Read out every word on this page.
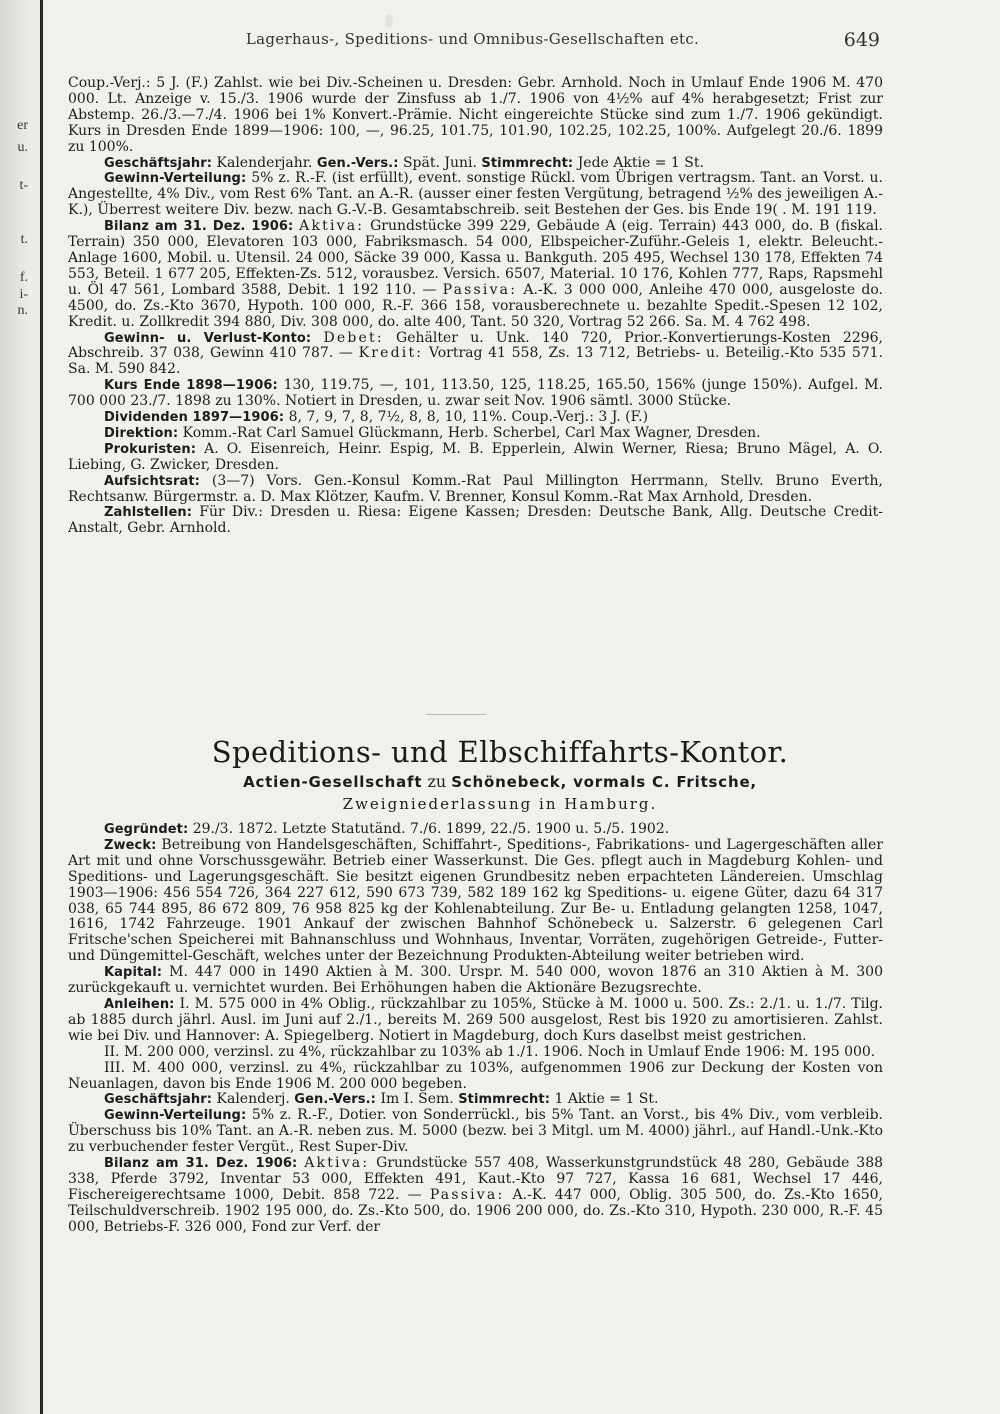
er
u.
t-
t.
f.
i-
n.
Lagerhaus-, Speditions- und Omnibus-Gesellschaften etc.	649

Coup.-Verj.: 5 J. (F.) Zahlst. wie bei Div.-Scheinen u. Dresden: Gebr. Arnhold. Noch in Umlauf Ende 1906 M. 470 000. Lt. Anzeige v. 15./3. 1906 wurde der Zinsfuss ab 1./7. 1906 von 4½% auf 4% herabgesetzt; Frist zur Abstemp. 26./3.—7./4. 1906 bei 1% Konvert.-Prämie. Nicht eingereichte Stücke sind zum 1./7. 1906 gekündigt. Kurs in Dresden Ende 1899—1906: 100, —, 96.25, 101.75, 101.90, 102.25, 102.25, 100%. Aufgelegt 20./6. 1899 zu 100%.

Geschäftsjahr: Kalenderjahr. Gen.-Vers.: Spät. Juni. Stimmrecht: Jede Aktie = 1 St.

Gewinn-Verteilung: 5% z. R.-F. (ist erfüllt), event. sonstige Rückl. vom Übrigen vertragsm. Tant. an Vorst. u. Angestellte, 4% Div., vom Rest 6% Tant. an A.-R. (ausser einer festen Vergütung, betragend ½% des jeweiligen A.-K.), Überrest weitere Div. bezw. nach G.-V.-B. Gesamtabschreib. seit Bestehen der Ges. bis Ende 19( . M. 191 119.

Bilanz am 31. Dez. 1906: Aktiva: Grundstücke 399 229, Gebäude A (eig. Terrain) 443 000, do. B (fiskal. Terrain) 350 000, Elevatoren 103 000, Fabriksmasch. 54 000, Elbspeicher-Zuführ.-Geleis 1, elektr. Beleucht.-Anlage 1600, Mobil. u. Utensil. 24 000, Säcke 39 000, Kassa u. Bankguth. 205 495, Wechsel 130 178, Effekten 74 553, Beteil. 1 677 205, Effekten-Zs. 512, vorausbez. Versich. 6507, Material. 10 176, Kohlen 777, Raps, Rapsmehl u. Öl 47 561, Lombard 3588, Debit. 1 192 110. — Passiva: A.-K. 3 000 000, Anleihe 470 000, ausgeloste do. 4500, do. Zs.-Kto 3670, Hypoth. 100 000, R.-F. 366 158, vorausberechnete u. bezahlte Spedit.-Spesen 12 102, Kredit. u. Zollkredit 394 880, Div. 308 000, do. alte 400, Tant. 50 320, Vortrag 52 266. Sa. M. 4 762 498.

Gewinn- u. Verlust-Konto: Debet: Gehälter u. Unk. 140 720, Prior.-Konvertierungs-Kosten 2296, Abschreib. 37 038, Gewinn 410 787. — Kredit: Vortrag 41 558, Zs. 13 712, Betriebs- u. Beteilig.-Kto 535 571. Sa. M. 590 842.

Kurs Ende 1898—1906: 130, 119.75, —, 101, 113.50, 125, 118.25, 165.50, 156% (junge 150%). Aufgel. M. 700 000 23./7. 1898 zu 130%. Notiert in Dresden, u. zwar seit Nov. 1906 sämtl. 3000 Stücke.

Dividenden 1897—1906: 8, 7, 9, 7, 8, 7½, 8, 8, 10, 11%. Coup.-Verj.: 3 J. (F.)

Direktion: Komm.-Rat Carl Samuel Glückmann, Herb. Scherbel, Carl Max Wagner, Dresden.

Prokuristen: A. O. Eisenreich, Heinr. Espig, M. B. Epperlein, Alwin Werner, Riesa; Bruno Mägel, A. O. Liebing, G. Zwicker, Dresden.

Aufsichtsrat: (3—7) Vors. Gen.-Konsul Komm.-Rat Paul Millington Herrmann, Stellv. Bruno Everth, Rechtsanw. Bürgermstr. a. D. Max Klötzer, Kaufm. V. Brenner, Konsul Komm.-Rat Max Arnhold, Dresden.

Zahlstellen: Für Div.: Dresden u. Riesa: Eigene Kassen; Dresden: Deutsche Bank, Allg. Deutsche Credit-Anstalt, Gebr. Arnhold.

Speditions- und Elbschiffahrts-Kontor.
Actien-Gesellschaft zu Schönebeck, vormals C. Fritsche,
Zweigniederlassung in Hamburg.

Gegründet: 29./3. 1872. Letzte Statutänd. 7./6. 1899, 22./5. 1900 u. 5./5. 1902.

Zweck: Betreibung von Handelsgeschäften, Schiffahrt-, Speditions-, Fabrikations- und Lagergeschäften aller Art mit und ohne Vorschussgewähr. Betrieb einer Wasserkunst. Die Ges. pflegt auch in Magdeburg Kohlen- und Speditions- und Lagerungsgeschäft. Sie besitzt eigenen Grundbesitz neben erpachteten Ländereien. Umschlag 1903—1906: 456 554 726, 364 227 612, 590 673 739, 582 189 162 kg Speditions- u. eigene Güter, dazu 64 317 038, 65 744 895, 86 672 809, 76 958 825 kg der Kohlenabteilung. Zur Be- u. Entladung gelangten 1258, 1047, 1616, 1742 Fahrzeuge. 1901 Ankauf der zwischen Bahnhof Schönebeck u. Salzerstr. 6 gelegenen Carl Fritsche'schen Speicherei mit Bahnanschluss und Wohnhaus, Inventar, Vorräten, zugehörigen Getreide-, Futter- und Düngemittel-Geschäft, welches unter der Bezeichnung Produkten-Abteilung weiter betrieben wird.

Kapital: M. 447 000 in 1490 Aktien à M. 300. Urspr. M. 540 000, wovon 1876 an 310 Aktien à M. 300 zurückgekauft u. vernichtet wurden. Bei Erhöhungen haben die Aktionäre Bezugsrechte.

Anleihen: I. M. 575 000 in 4% Oblig., rückzahlbar zu 105%, Stücke à M. 1000 u. 500. Zs.: 2./1. u. 1./7. Tilg. ab 1885 durch jährl. Ausl. im Juni auf 2./1., bereits M. 269 500 ausgelost, Rest bis 1920 zu amortisieren. Zahlst. wie bei Div. und Hannover: A. Spiegelberg. Notiert in Magdeburg, doch Kurs daselbst meist gestrichen.

II. M. 200 000, verzinsl. zu 4%, rückzahlbar zu 103% ab 1./1. 1906. Noch in Umlauf Ende 1906: M. 195 000.

III. M. 400 000, verzinsl. zu 4%, rückzahlbar zu 103%, aufgenommen 1906 zur Deckung der Kosten von Neuanlagen, davon bis Ende 1906 M. 200 000 begeben.

Geschäftsjahr: Kalenderj. Gen.-Vers.: Im I. Sem. Stimmrecht: 1 Aktie = 1 St.

Gewinn-Verteilung: 5% z. R.-F., Dotier. von Sonderrückl., bis 5% Tant. an Vorst., bis 4% Div., vom verbleib. Überschuss bis 10% Tant. an A.-R. neben zus. M. 5000 (bezw. bei 3 Mitgl. um M. 4000) jährl., auf Handl.-Unk.-Kto zu verbuchender fester Vergüt., Rest Super-Div.

Bilanz am 31. Dez. 1906: Aktiva: Grundstücke 557 408, Wasserkunstgrundstück 48 280, Gebäude 388 338, Pferde 3792, Inventar 53 000, Effekten 491, Kaut.-Kto 97 727, Kassa 16 681, Wechsel 17 446, Fischereigerechtsame 1000, Debit. 858 722. — Passiva: A.-K. 447 000, Oblig. 305 500, do. Zs.-Kto 1650, Teilschuldverschreib. 1902 195 000, do. Zs.-Kto 500, do. 1906 200 000, do. Zs.-Kto 310, Hypoth. 230 000, R.-F. 45 000, Betriebs-F. 326 000, Fond zur Verf. der
